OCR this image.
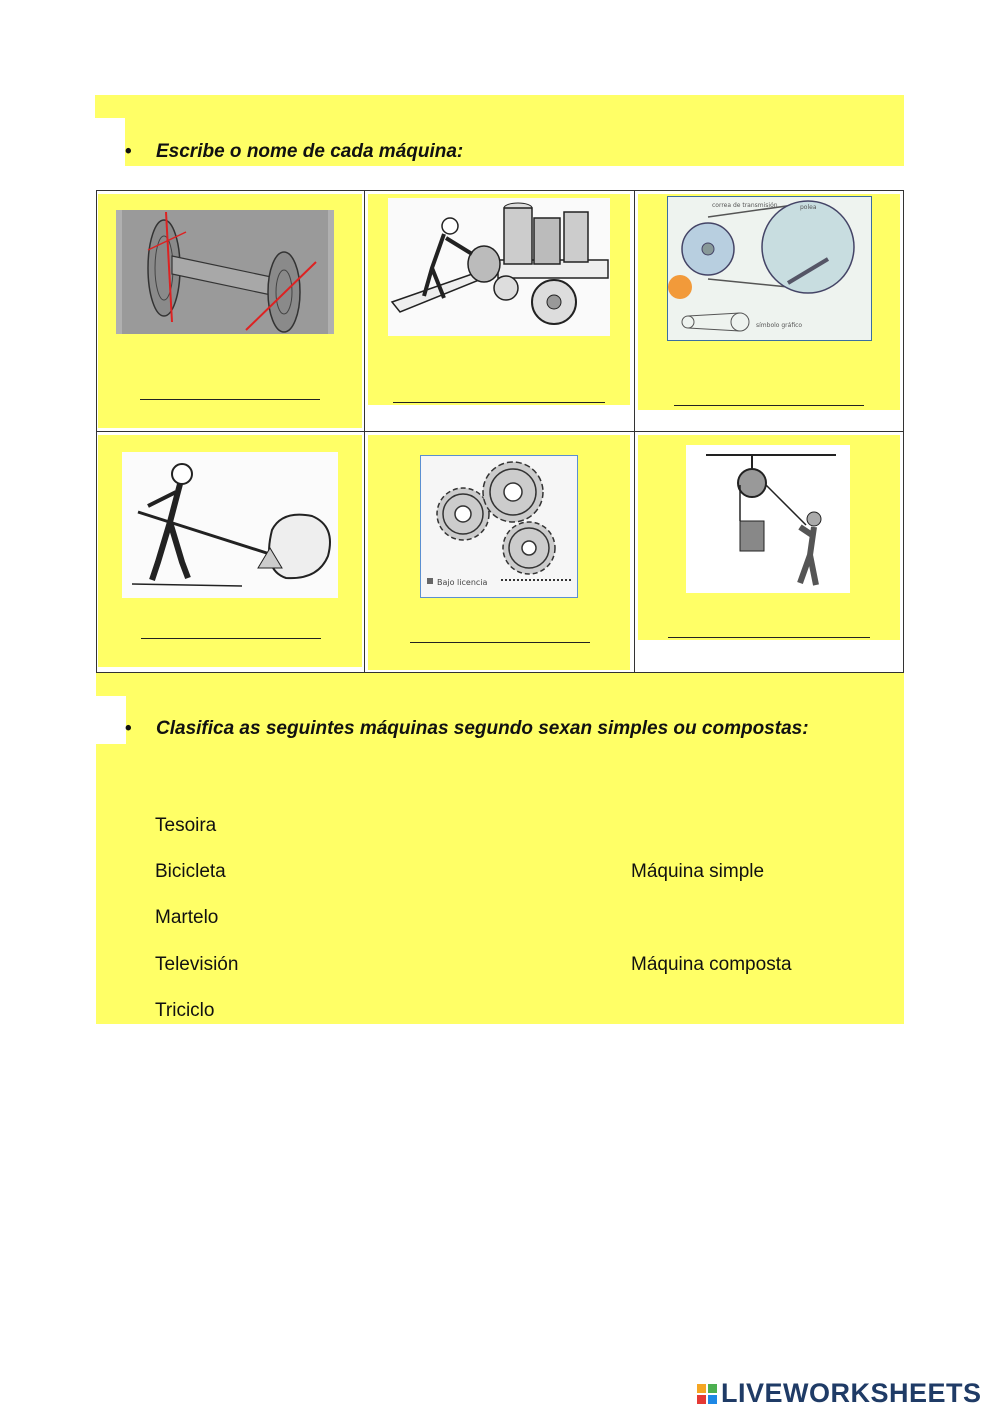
•	Escribe o nome de cada máquina:
correa de transmisión	polea
símbolo gráfico
Bajo licencia
•	Clasifica as seguintes máquinas segundo sexan simples ou compostas:
Tesoira
Bicicleta
Martelo
Televisión
Triciclo
Máquina simple
Máquina composta
LIVEWORKSHEETS
